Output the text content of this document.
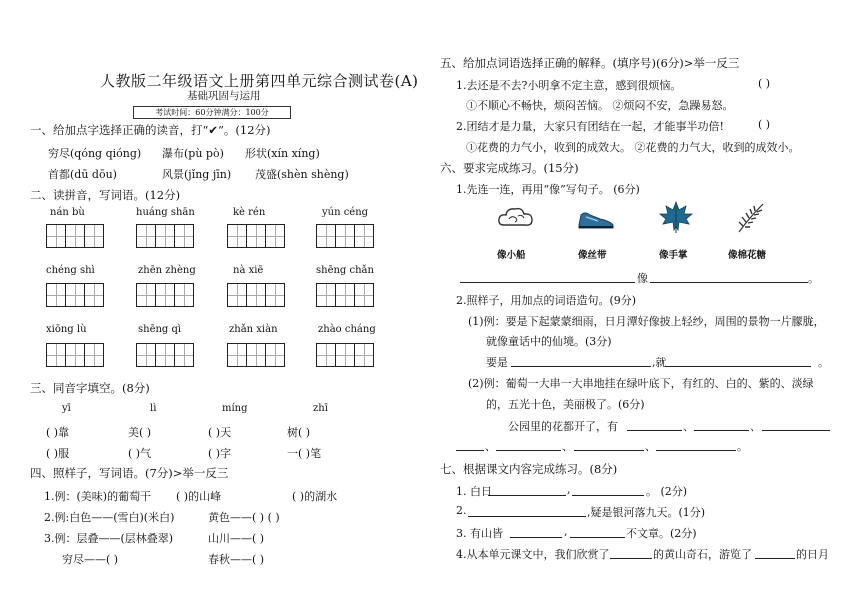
人教版二年级语文上册第四单元综合测试卷(A)
基础巩固与运用
考试时间：60分钟满分：100分
一、给加点字选择正确的读音，打“✔”。(12分)
穷尽(qóng qióng) 瀑布(pù pò) 形状(xín xíng)
首都(dū dōu)	风景(jǐng jīn) 茂盛(shèn shèng)
二、读拼音，写词语。(12分)
nán bù	huáng shān	kè rén	yún céng
chéng shì	zhēn zhèng	nà xiē	shēng chǎn
xiōng lù	shēng qì	zhǎn xiàn	zhào cháng
三、同音字填空。(8分)
yī	lì	míng	zhī
( )靠	美( )	( )天	树( )
( )服	( )气	( )字	一( )笔
四、照样子，写词语。(7分)>举一反三
1.例：(美味)的葡萄干 ( )的山峰	( )的湖水
2.例:白色——(雪白)(米白)	黄色——( ) ( )
3.例：层叠——(层林叠翠)	山川——( )
穷尽——( )	春秋——( )
五、给加点词语选择正确的解释。(填序号)(6分)>举一反三
1.去还是不去?小明拿不定主意，感到很烦恼。	( )
①不顺心不畅快，烦闷苦恼。 ②烦闷不安，急躁易怒。
2.团结才是力量，大家只有团结在一起，才能事半功倍!	( )
①花费的力气小，收到的成效大。 ②花费的力气大，收到的成效小。
六、要求完成练习。(15分)
1.先连一连，再用“像”写句子。 (6分)
像小船	像丝带	像手掌	像棉花糖
像	。
2.照样子，用加点的词语造句。(9分)
(1)例：要是下起蒙蒙细雨，日月潭好像披上轻纱，周围的景物一片朦胧，
就像童话中的仙境。(3分)
要是	,就	。
(2)例：葡萄一大串一大串地挂在绿叶底下，有红的、白的、紫的、淡绿
的，五光十色，美丽极了。(6分)
公园里的花都开了，有	、	、
、	、	、	。
七、根据课文内容完成练习。(8分)
1. 白日	,	。 (2分)
2.	,疑是银河落九天。(1分)
3. 有山皆	,	不文章。(2分)
4.从本单元课文中，我们欣赏了	的黄山奇石，游览了	的日月
